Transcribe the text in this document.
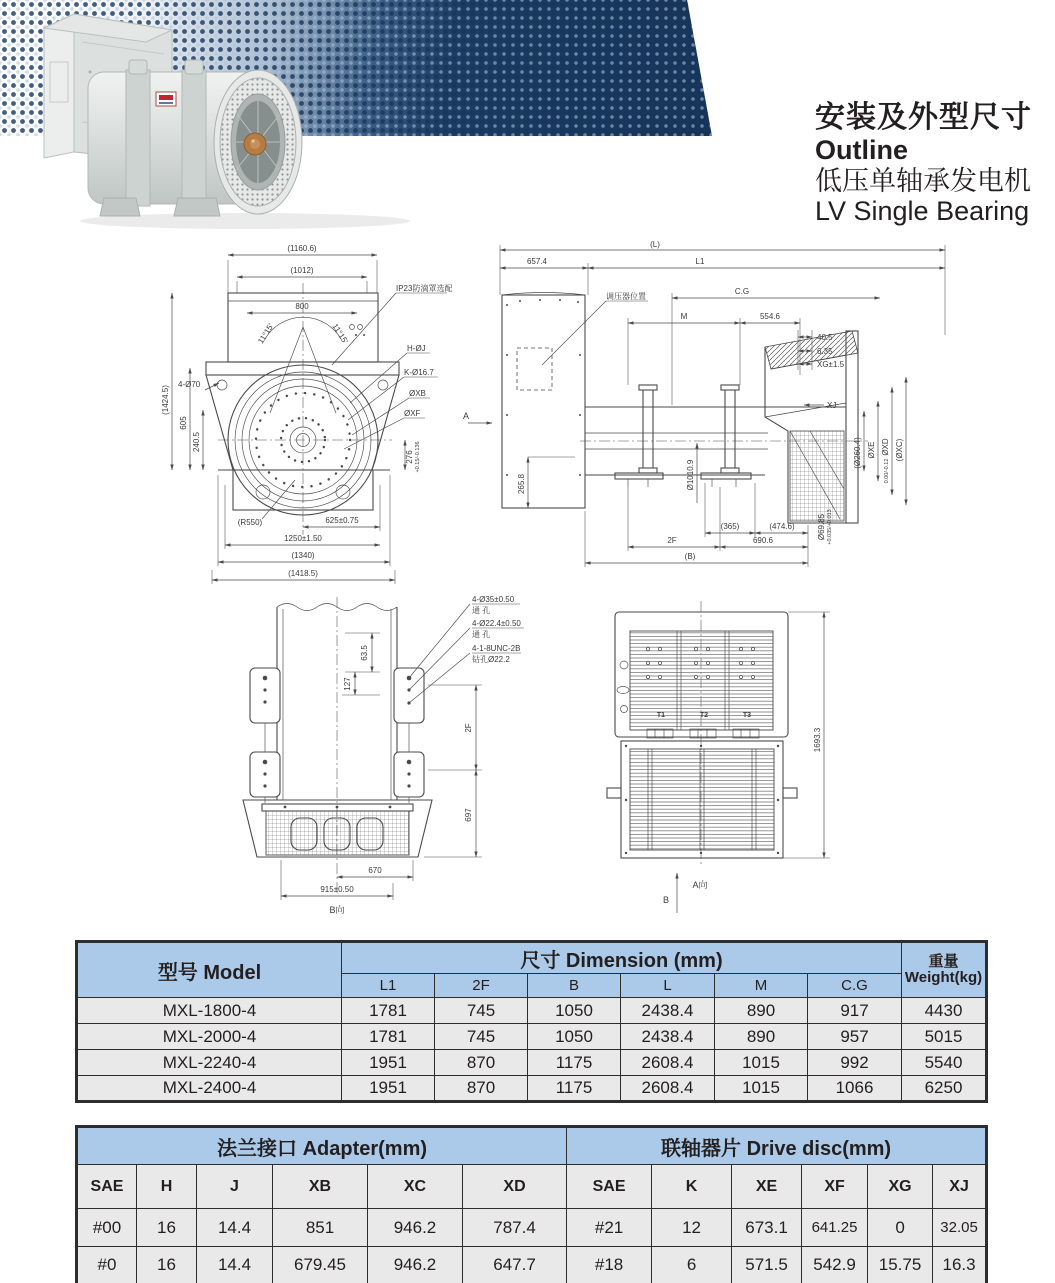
安装及外型尺寸
Outline
低压单轴承发电机
LV Single Bearing
(1160.6)
(1012)
800
11°15'	11°15'
(1424.5)
605
240.5
4-Ø70
276 +0.15/-0.136
IP23防滴罩选配
H-ØJ
K-Ø16.7
ØXB
ØXF
(R550)	625±0.75
1250±1.50
(1340)
(1418.5)
(L)
657.4	L1
C.G
M	554.6
XG±1.5
调压器位置
A
XJ
(Ø260.4) ØXE ØXD
0.00/-0.12
(ØXC)
Ø1010.9
265.8
(365)	(474.6)
2F	690.6
(B)
Ø69.85 +0.035/+0.013
4-Ø35±0.50
通 孔
4-Ø22.4±0.50
通 孔
4-1-8UNC-2B
钻孔Ø22.2
63.5
127
2F
697
670
915±0.50
B向
T1	T2	T3
1693.3
A向
B
型号 Model	尺寸 Dimension (mm)						重量
Weight(kg)

	L1	2F	B	L	M	C.G	
MXL-1800-4	1781	745	1050	2438.4	890	917	4430
MXL-2000-4	1781	745	1050	2438.4	890	957	5015
MXL-2240-4	1951	870	1175	2608.4	1015	992	5540
MXL-2400-4	1951	870	1175	2608.4	1015	1066	6250
法兰接口 Adapter(mm)						联轴器片 Drive disc(mm)					
SAE	H	J	XB	XC	XD	SAE	K	XE	XF	XG	XJ
#00	16	14.4	851	946.2	787.4	#21	12	673.1	641.25	0	32.05
#0	16	14.4	679.45	946.2	647.7	#18	6	571.5	542.9	15.75	16.3
